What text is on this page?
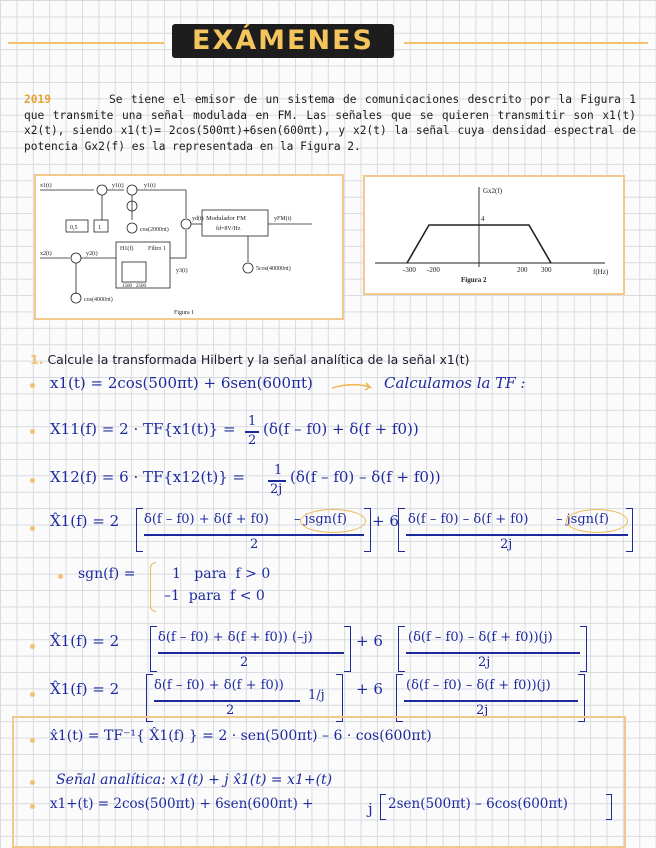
EXÁMENES
2019	Se tiene el emisor de un sistema de comunicaciones descrito por la Figura 1 que transmite una señal modulada en FM. Las señales que se quieren transmitir son x1(t) x2(t), siendo x1(t)= 2cos(500πt)+6sen(600πt), y x2(t) la señal cuya densidad espectral de potencia Gx2(f) es la representada en la Figura 2.
x1(t)	y1(t)	y1(t)
x2(t)	y2(t)
y3(t)
yd(t)	yFM(t)
0,5	1	cos(2000πt)
cos(4000πt)
5cos(40000πt)
Modulador FM
fd=8V/Hz
Filtro 1
H1(f)
1500 2500
Figura 1
Gx2(f)
4
-300 -200	200 300	f(Hz)
Figura 2
1. Calcule la transformada Hilbert y la señal analítica de la señal x1(t)
x1(t) = 2cos(500πt) + 6sen(600πt)	Calculamos la TF :
X11(f) = 2 · TF{x1(t)} = 1
2
(δ(f – f0) + δ(f + f0))
X12(f) = 6 · TF{x12(t)} = 1
2j
(δ(f – f0) – δ(f + f0))
X̂1(f) = 2 δ(f – f0) + δ(f + f0) – jsgn(f)
2
+ 6 δ(f – f0) – δ(f + f0) – jsgn(f)
2j
sgn(f) =	1   para  f > 0
–1  para  f < 0
X̂1(f) = 2	δ(f – f0) + δ(f + f0)) (–j)
2
+ 6 (δ(f – f0) – δ(f + f0))(j)
2j
X̂1(f) = 2	δ(f – f0) + δ(f + f0))
2
1/j + 6 (δ(f – f0) – δ(f + f0))(j)
2j
x̂1(t) = TF⁻¹{ X̂1(f) } = 2 · sen(500πt) – 6 · cos(600πt)
Señal analítica: x1(t) + j x̂1(t) = x1+(t)
x1+(t) = 2cos(500πt) + 6sen(600πt) +	j 2sen(500πt) – 6cos(600πt)
